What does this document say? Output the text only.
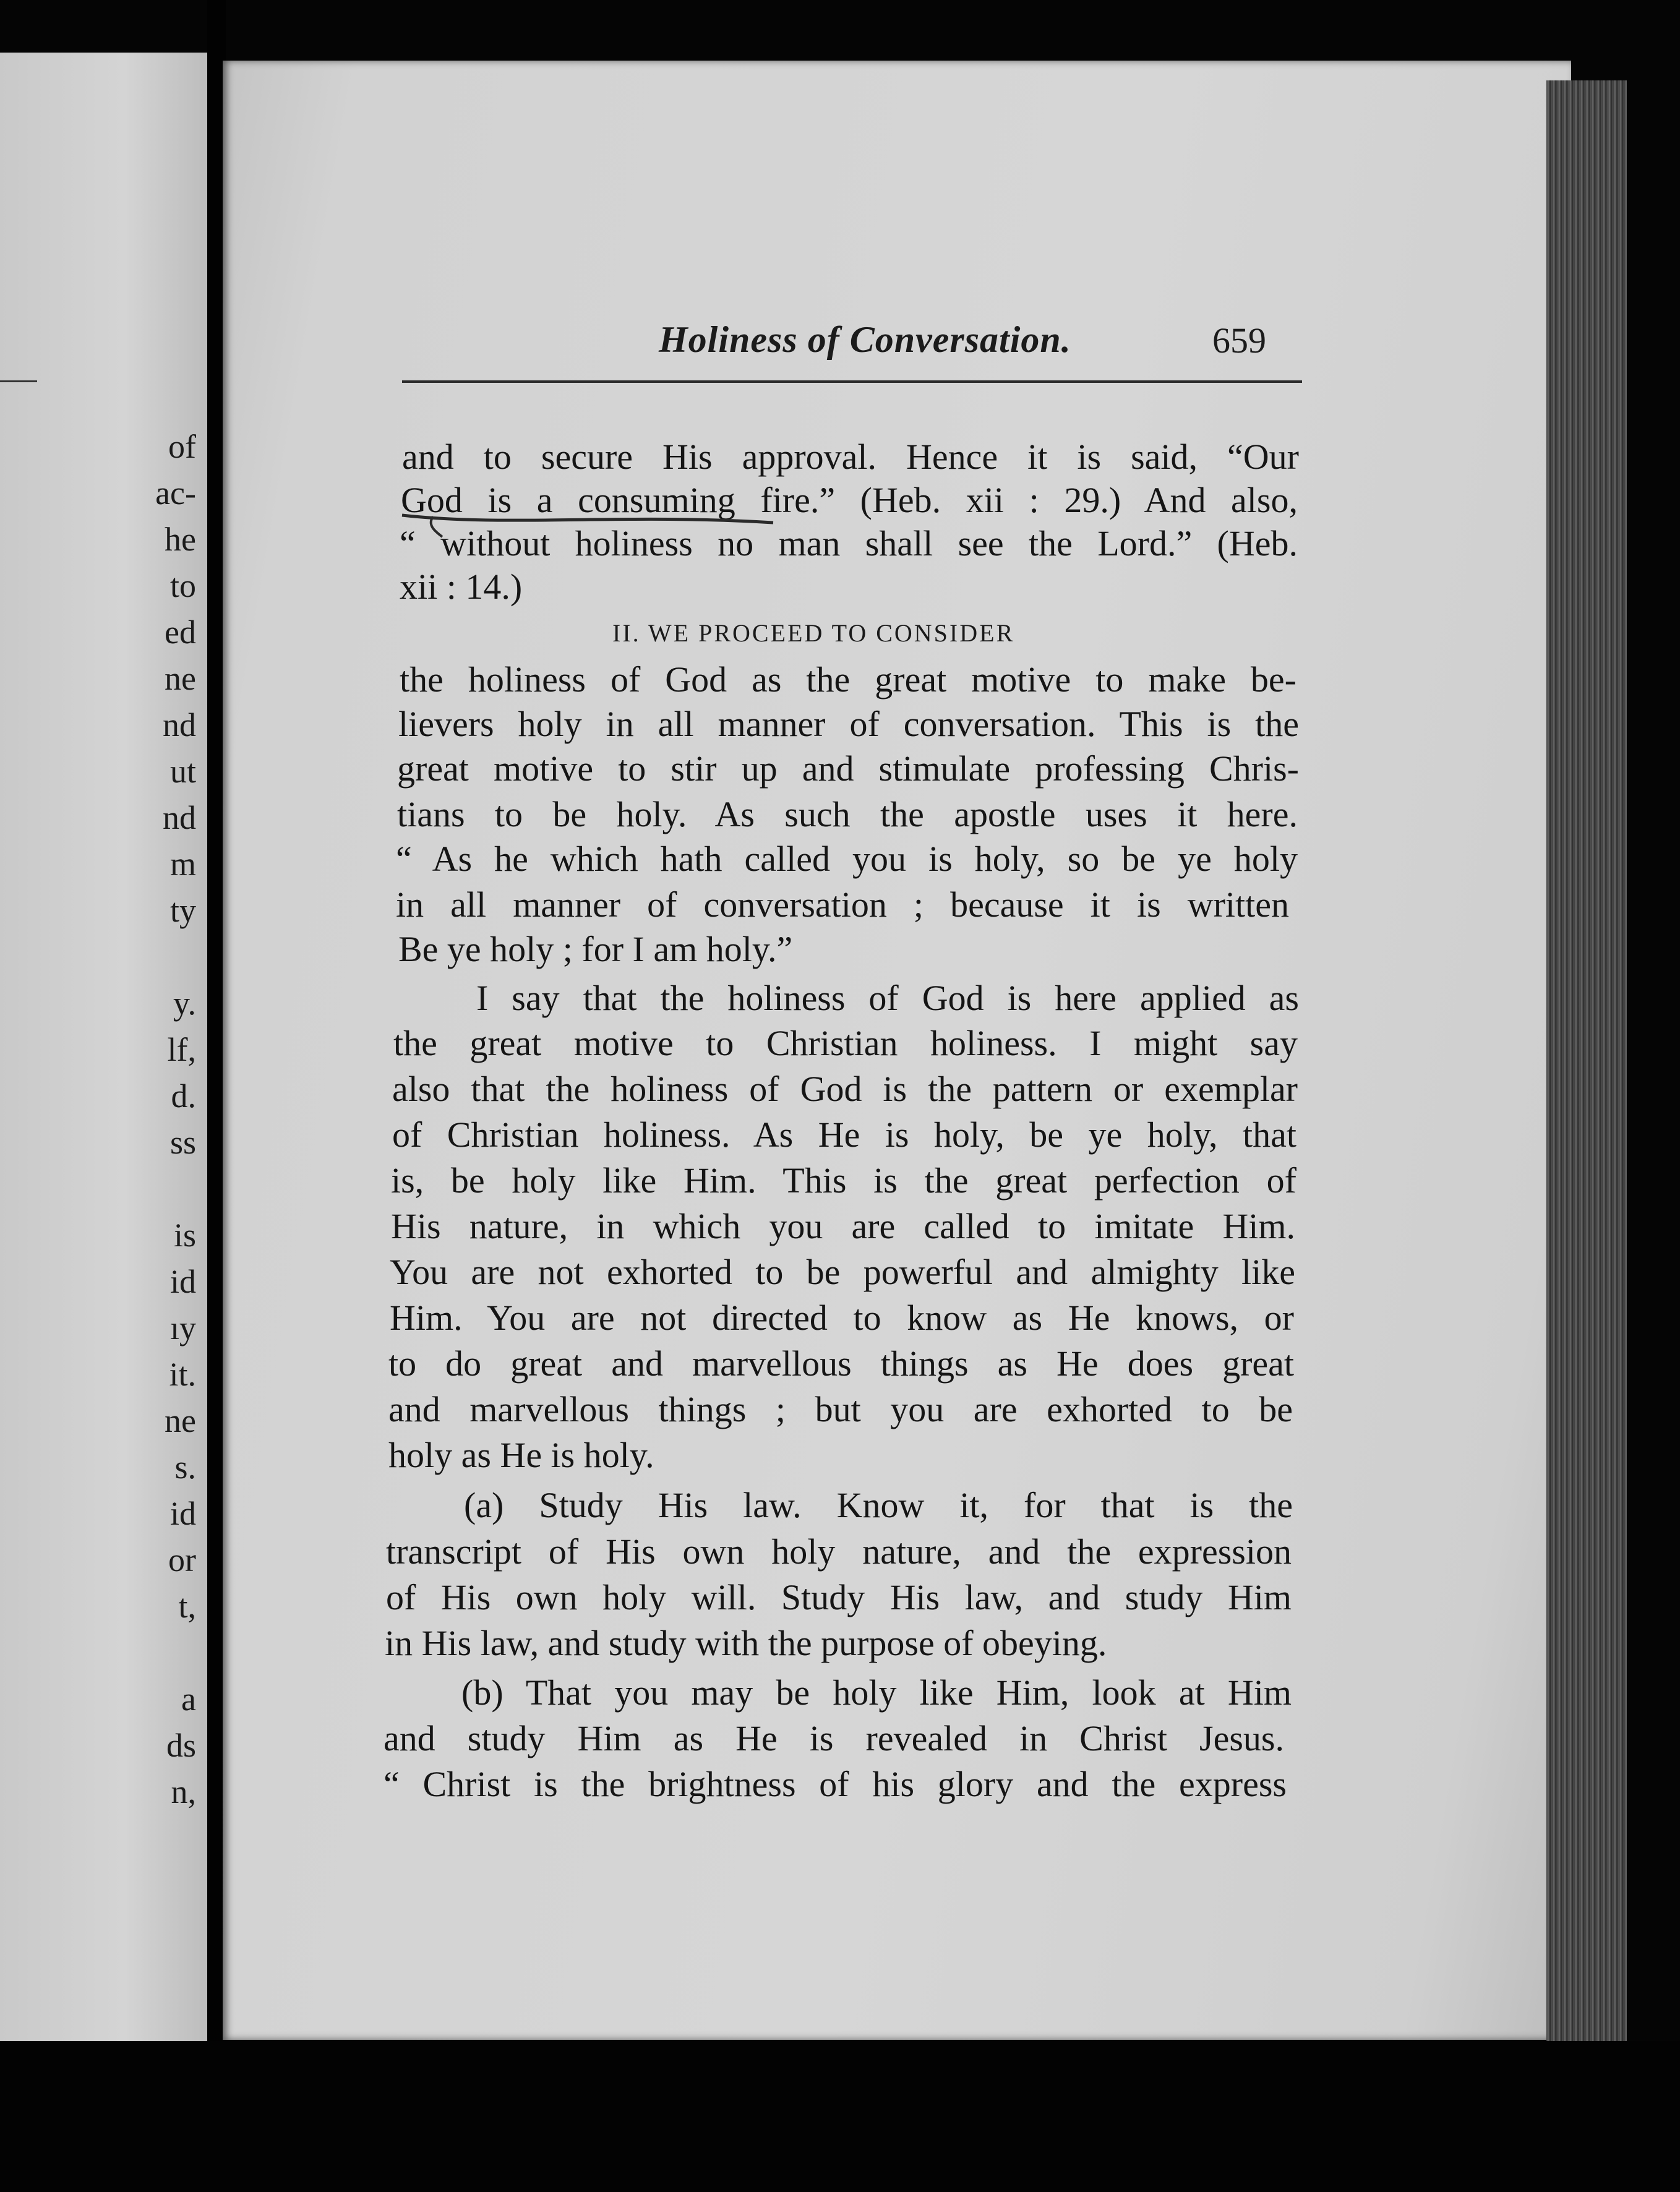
of
ac-
he
to
ed
ne
nd
ut
nd
m
ty
y.
lf,
d.
ss
is
id
ıy
it.
ne
s.
id
or
t,
a
ds
n,
Holiness of Conversation.	659
and to secure His approval. Hence it is said, “Our
God is a consuming fire.” (Heb. xii : 29.) And also,
“ without holiness no man shall see the Lord.” (Heb.
xii : 14.)
II. WE PROCEED TO CONSIDER
the holiness of God as the great motive to make be-
lievers holy in all manner of conversation. This is the
great motive to stir up and stimulate professing Chris-
tians to be holy. As such the apostle uses it here.
“ As he which hath called you is holy, so be ye holy
in all manner of conversation ; because it is written
Be ye holy ; for I am holy.”
I say that the holiness of God is here applied as
the great motive to Christian holiness. I might say
also that the holiness of God is the pattern or exemplar
of Christian holiness. As He is holy, be ye holy, that
is, be holy like Him. This is the great perfection of
His nature, in which you are called to imitate Him.
You are not exhorted to be powerful and almighty like
Him. You are not directed to know as He knows, or
to do great and marvellous things as He does great
and marvellous things ; but you are exhorted to be
holy as He is holy.
(a) Study His law. Know it, for that is the
transcript of His own holy nature, and the expression
of His own holy will. Study His law, and study Him
in His law, and study with the purpose of obeying.
(b) That you may be holy like Him, look at Him
and study Him as He is revealed in Christ Jesus.
“ Christ is the brightness of his glory and the express
